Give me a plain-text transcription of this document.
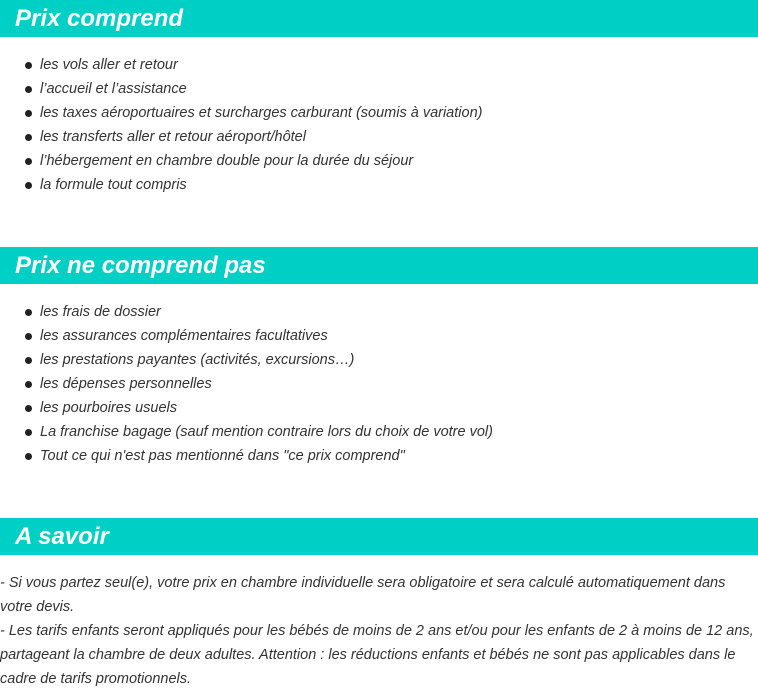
Prix comprend
les vols aller et retour
l’accueil et l’assistance
les taxes aéroportuaires et surcharges carburant (soumis à variation)
les transferts aller et retour aéroport/hôtel
l’hébergement en chambre double pour la durée du séjour
la formule tout compris
Prix ne comprend pas
les frais de dossier
les assurances complémentaires facultatives
les prestations payantes (activités, excursions…)
les dépenses personnelles
les pourboires usuels
La franchise bagage (sauf mention contraire lors du choix de votre vol)
Tout ce qui n'est pas mentionné dans "ce prix comprend"
A savoir

- Si vous partez seul(e), votre prix en chambre individuelle sera obligatoire et sera calculé automatiquement dans votre devis.

- Les tarifs enfants seront appliqués pour les bébés de moins de 2 ans et/ou pour les enfants de 2 à moins de 12 ans, partageant la chambre de deux adultes. Attention : les réductions enfants et bébés ne sont pas applicables dans le cadre de tarifs promotionnels.
